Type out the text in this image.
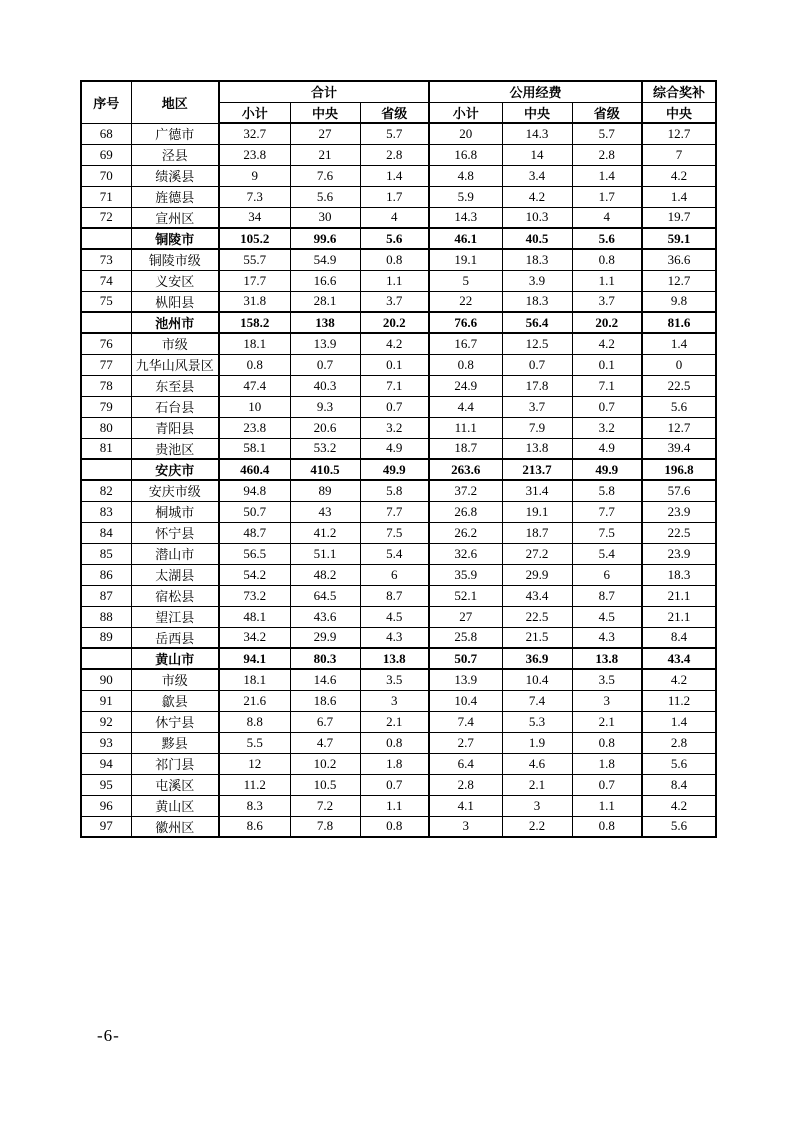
序号	地区	合计			公用经费			综合奖补
		小计	中央	省级	小计	中央	省级	中央
68	广德市	32.7	27	5.7	20	14.3	5.7	12.7
69	泾县	23.8	21	2.8	16.8	14	2.8	7
70	绩溪县	9	7.6	1.4	4.8	3.4	1.4	4.2
71	旌德县	7.3	5.6	1.7	5.9	4.2	1.7	1.4
72	宣州区	34	30	4	14.3	10.3	4	19.7
	铜陵市	105.2	99.6	5.6	46.1	40.5	5.6	59.1
73	铜陵市级	55.7	54.9	0.8	19.1	18.3	0.8	36.6
74	义安区	17.7	16.6	1.1	5	3.9	1.1	12.7
75	枞阳县	31.8	28.1	3.7	22	18.3	3.7	9.8
	池州市	158.2	138	20.2	76.6	56.4	20.2	81.6
76	市级	18.1	13.9	4.2	16.7	12.5	4.2	1.4
77	九华山风景区	0.8	0.7	0.1	0.8	0.7	0.1	0
78	东至县	47.4	40.3	7.1	24.9	17.8	7.1	22.5
79	石台县	10	9.3	0.7	4.4	3.7	0.7	5.6
80	青阳县	23.8	20.6	3.2	11.1	7.9	3.2	12.7
81	贵池区	58.1	53.2	4.9	18.7	13.8	4.9	39.4
	安庆市	460.4	410.5	49.9	263.6	213.7	49.9	196.8
82	安庆市级	94.8	89	5.8	37.2	31.4	5.8	57.6
83	桐城市	50.7	43	7.7	26.8	19.1	7.7	23.9
84	怀宁县	48.7	41.2	7.5	26.2	18.7	7.5	22.5
85	潜山市	56.5	51.1	5.4	32.6	27.2	5.4	23.9
86	太湖县	54.2	48.2	6	35.9	29.9	6	18.3
87	宿松县	73.2	64.5	8.7	52.1	43.4	8.7	21.1
88	望江县	48.1	43.6	4.5	27	22.5	4.5	21.1
89	岳西县	34.2	29.9	4.3	25.8	21.5	4.3	8.4
	黄山市	94.1	80.3	13.8	50.7	36.9	13.8	43.4
90	市级	18.1	14.6	3.5	13.9	10.4	3.5	4.2
91	歙县	21.6	18.6	3	10.4	7.4	3	11.2
92	休宁县	8.8	6.7	2.1	7.4	5.3	2.1	1.4
93	黟县	5.5	4.7	0.8	2.7	1.9	0.8	2.8
94	祁门县	12	10.2	1.8	6.4	4.6	1.8	5.6
95	屯溪区	11.2	10.5	0.7	2.8	2.1	0.7	8.4
96	黄山区	8.3	7.2	1.1	4.1	3	1.1	4.2
97	徽州区	8.6	7.8	0.8	3	2.2	0.8	5.6
-6-
